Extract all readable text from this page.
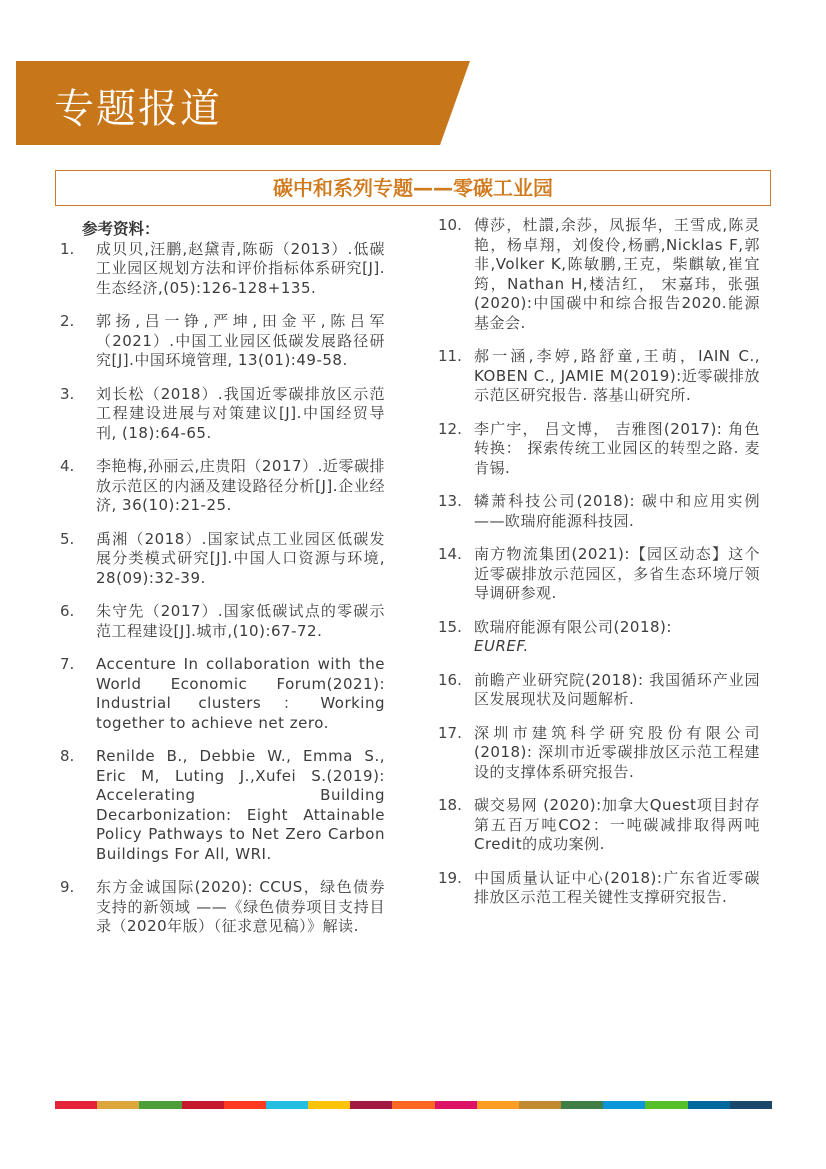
专题报道
碳中和系列专题——零碳工业园
参考资料：
1.	成贝贝,汪鹏,赵黛青,陈砺（2013）.低碳工业园区规划方法和评价指标体系研究[J].生态经济,(05):126-128+135.
2.	郭扬,吕一铮,严坤,田金平,陈吕军（2021）.中国工业园区低碳发展路径研究[J].中国环境管理, 13(01):49-58.
3.	刘长松（2018）.我国近零碳排放区示范工程建设进展与对策建议[J].中国经贸导刊, (18):64-65.
4.	李艳梅,孙丽云,庄贵阳（2017）.近零碳排放示范区的内涵及建设路径分析[J].企业经济, 36(10):21-25.
5.	禹湘（2018）.国家试点工业园区低碳发展分类模式研究[J].中国人口资源与环境, 28(09):32-39.
6.	朱守先（2017）.国家低碳试点的零碳示范工程建设[J].城市,(10):67-72.
7.	Accenture In collaboration with the World Economic Forum(2021): Industrial clusters：Working together to achieve net zero.
8.	Renilde B., Debbie W., Emma S., Eric M, Luting J.,Xufei S.(2019): Accelerating Building Decarbonization: Eight Attainable Policy Pathways to Net Zero Carbon Buildings For All, WRI.
9.	东方金诚国际(2020): CCUS，绿色债券支持的新领域 ——《绿色债券项目支持目录（2020年版）（征求意见稿）》解读.
10. 傅莎，杜譞,余莎，凤振华，王雪成,陈灵艳，杨卓翔，刘俊伶,杨鹂,Nicklas F,郭非,Volker K,陈敏鹏,王克，柴麒敏,崔宜筠，Nathan H,楼洁红， 宋嘉玮，张强(2020):中国碳中和综合报告2020.能源基金会.
11. 郝一涵,李婷,路舒童,王萌，IAIN C., KOBEN C., JAMIE M(2019):近零碳排放示范区研究报告. 落基山研究所.
12. 李广宇， 吕文博， 吉雅图(2017): 角色转换： 探索传统工业园区的转型之路. 麦肯锡.
13. 辚萧科技公司(2018): 碳中和应用实例——欧瑞府能源科技园.
14. 南方物流集团(2021):【园区动态】这个近零碳排放示范园区，多省生态环境厅领导调研参观.
15. 欧瑞府能源有限公司(2018):
EUREF.
16. 前瞻产业研究院(2018): 我国循环产业园区发展现状及问题解析.
17. 深圳市建筑科学研究股份有限公司(2018): 深圳市近零碳排放区示范工程建设的支撑体系研究报告.
18. 碳交易网 (2020):加拿大Quest项目封存第五百万吨CO2：一吨碳减排取得两吨Credit的成功案例.
19. 中国质量认证中心(2018):广东省近零碳排放区示范工程关键性支撑研究报告.
